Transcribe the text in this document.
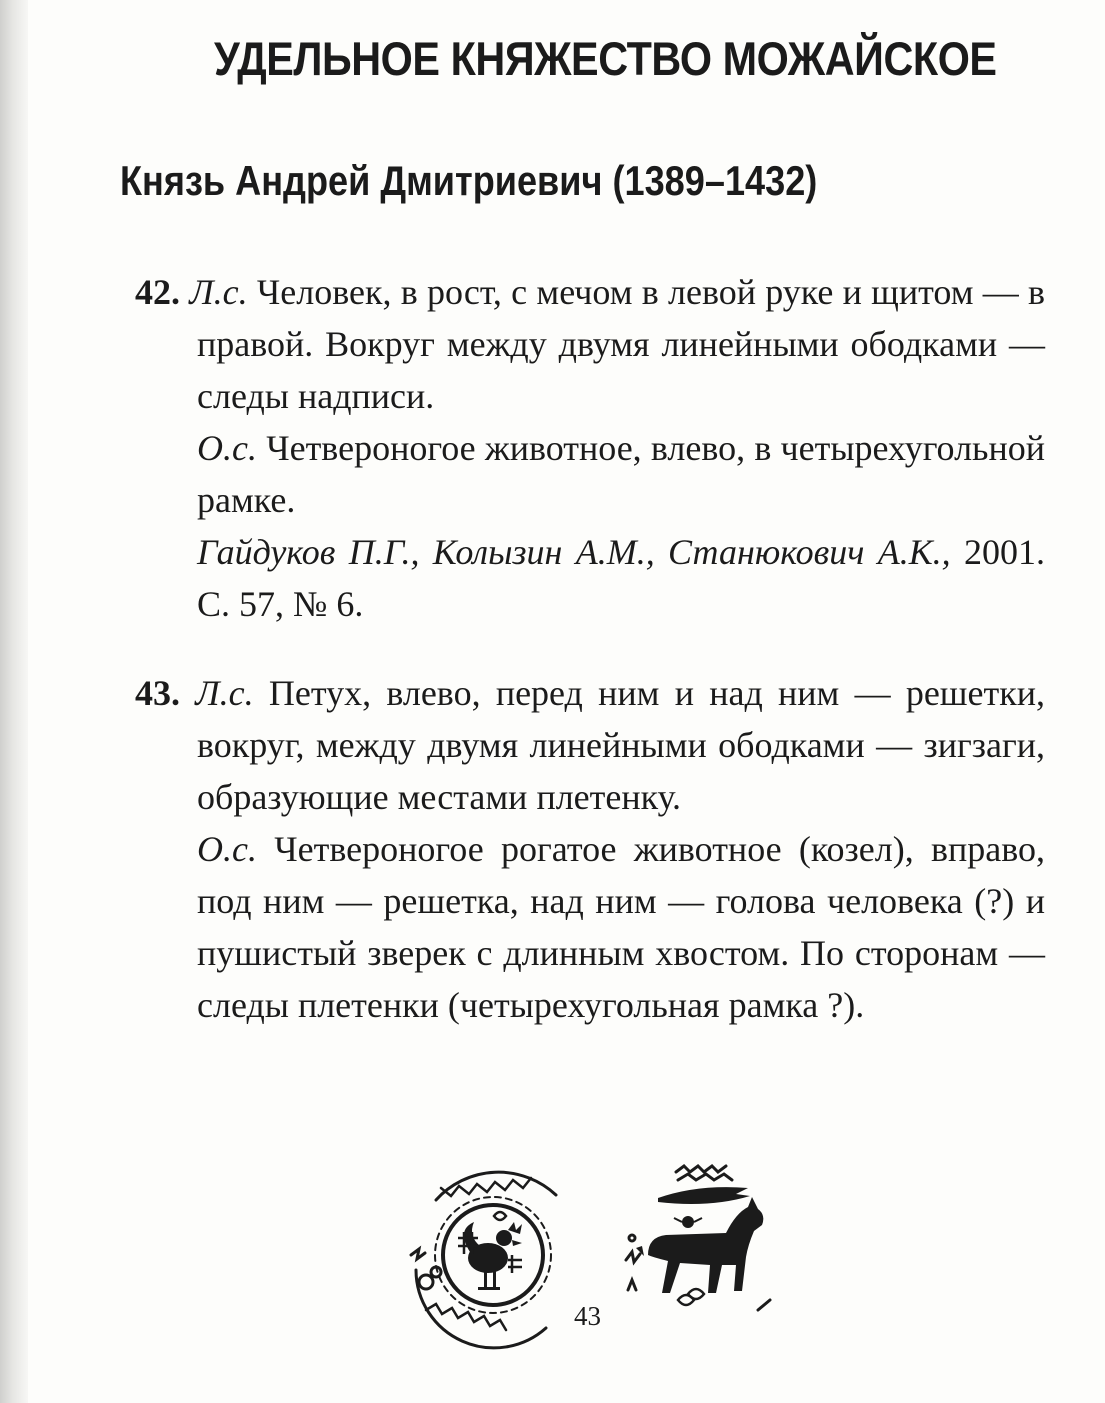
УДЕЛЬНОЕ КНЯЖЕСТВО МОЖАЙСКОЕ
Князь Андрей Дмитриевич (1389–1432)

42. Л.с. Человек, в рост, с мечом в левой руке и щитом — в правой. Вокруг между двумя линейными ободками — следы надписи.

О.с. Четвероногое животное, влево, в четырехугольной рамке.

Гайдуков П.Г., Колызин А.М., Станюкович А.К., 2001. С. 57, № 6.

43. Л.с. Петух, влево, перед ним и над ним — решетки, вокруг, между двумя линейными ободками — зигзаги, образующие местами плетенку.

О.с. Четвероногое рогатое животное (козел), вправо, под ним — решетка, над ним — голова человека (?) и пушистый зверек с длинным хвостом. По сторонам — следы плетенки (четырехугольная рамка ?).

43
